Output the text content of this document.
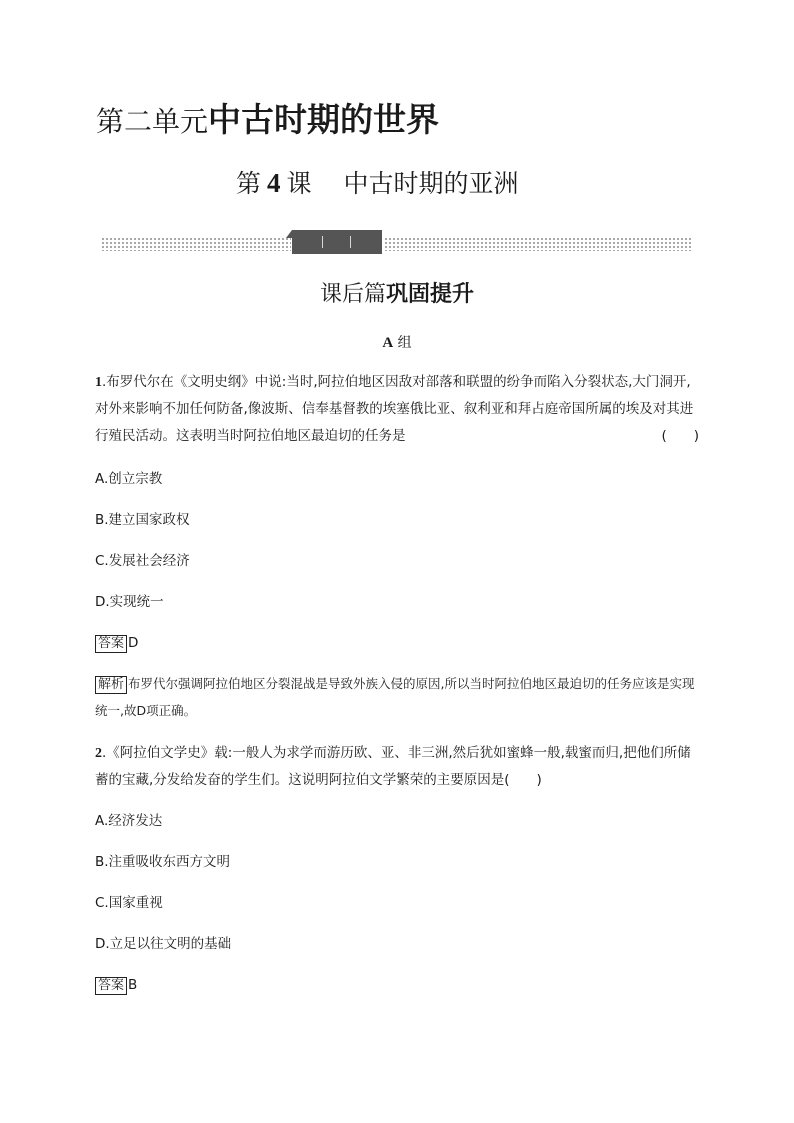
第二单元中古时期的世界
第 4 课 中古时期的亚洲
课后篇巩固提升
A 组
1.布罗代尔在《文明史纲》中说:当时,阿拉伯地区因敌对部落和联盟的纷争而陷入分裂状态,大门洞开,对外来影响不加任何防备,像波斯、信奉基督教的埃塞俄比亚、叙利亚和拜占庭帝国所属的埃及对其进行殖民活动。这表明当时阿拉伯地区最迫切的任务是	(　　)
A.创立宗教
B.建立国家政权
C.发展社会经济
D.实现统一
答案 D
解析 布罗代尔强调阿拉伯地区分裂混战是导致外族入侵的原因,所以当时阿拉伯地区最迫切的任务应该是实现统一,故D项正确。
2.《阿拉伯文学史》载:一般人为求学而游历欧、亚、非三洲,然后犹如蜜蜂一般,载蜜而归,把他们所储蓄的宝藏,分发给发奋的学生们。这说明阿拉伯文学繁荣的主要原因是(　　)
A.经济发达
B.注重吸收东西方文明
C.国家重视
D.立足以往文明的基础
答案 B
